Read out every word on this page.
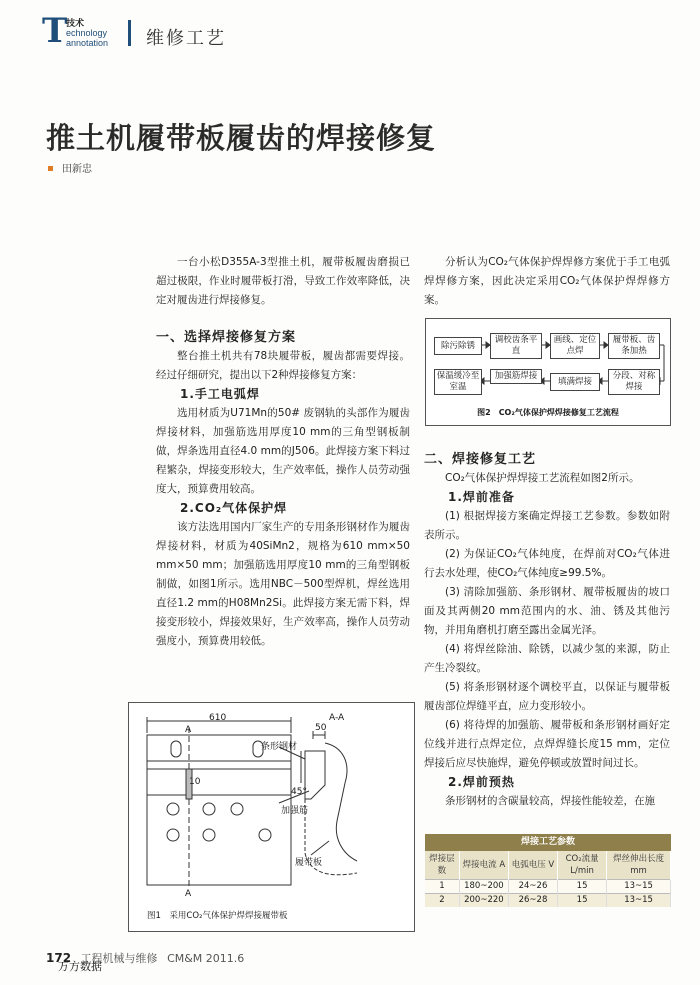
T
技术
echnology
annotation 维修工艺
推土机履带板履齿的焊接修复
田新忠

一台小松D355A-3型推土机，履带板履齿磨损已超过极限，作业时履带板打滑，导致工作效率降低，决定对履齿进行焊接修复。

一、选择焊接修复方案

整台推土机共有78块履带板，履齿都需要焊接。经过仔细研究，提出以下2种焊接修复方案：

1.手工电弧焊

选用材质为U71Mn的50# 废钢轨的头部作为履齿焊接材料，加强筋选用厚度10 mm的三角型钢板制做，焊条选用直径4.0 mm的J506。此焊接方案下料过程繁杂，焊接变形较大，生产效率低，操作人员劳动强度大，预算费用较高。

2.CO₂气体保护焊

该方法选用国内厂家生产的专用条形钢材作为履齿焊接材料，材质为40SiMn2，规格为610 mm×50 mm×50 mm；加强筋选用厚度10 mm的三角型钢板制做，如图1所示。选用NBC－500型焊机，焊丝选用直径1.2 mm的H08Mn2Si。此焊接方案无需下料，焊接变形较小，焊接效果好，生产效率高，操作人员劳动强度小，预算费用较低。

分析认为CO₂气体保护焊焊修方案优于手工电弧焊焊修方案，因此决定采用CO₂气体保护焊焊修方案。

除污除锈
调校齿条平直
画线、定位点焊
履带板、齿条加热
保温缓冷至室温
加强筋焊接
填满焊接
分段、对称焊接
图2　CO₂气体保护焊焊接修复工艺流程

二、焊接修复工艺

CO₂气体保护焊焊接工艺流程如图2所示。

1.焊前准备

(1) 根据焊接方案确定焊接工艺参数。参数如附表所示。

(2) 为保证CO₂气体纯度，在焊前对CO₂气体进行去水处理，使CO₂气体纯度≥99.5%。

(3) 清除加强筋、条形钢材、履带板履齿的坡口面及其两侧20 mm范围内的水、油、锈及其他污物，并用角磨机打磨至露出金属光泽。

(4) 将焊丝除油、除锈，以减少氢的来源，防止产生冷裂纹。

(5) 将条形钢材逐个调校平直，以保证与履带板履齿部位焊缝平直，应力变形较小。

(6) 将待焊的加强筋、履带板和条形钢材画好定位线并进行点焊定位，点焊焊缝长度15 mm，定位焊接后应尽快施焊，避免停顿或放置时间过长。

2.焊前预热

条形钢材的含碳量较高，焊接性能较差，在施

610
A
A
50
A-A
10
45°
条形钢材
加强筋
履带板
图1　采用CO₂气体保护焊焊接履带板
焊接工艺参数
焊接层数	焊接电流 A	电弧电压 V	CO₂流量 L/min	焊丝伸出长度 mm
1	180~200	24~26	15	13~15
2	200~220	26~28	15	13~15
172 工程机械与维修 CM&M 2011.6
万方数据
